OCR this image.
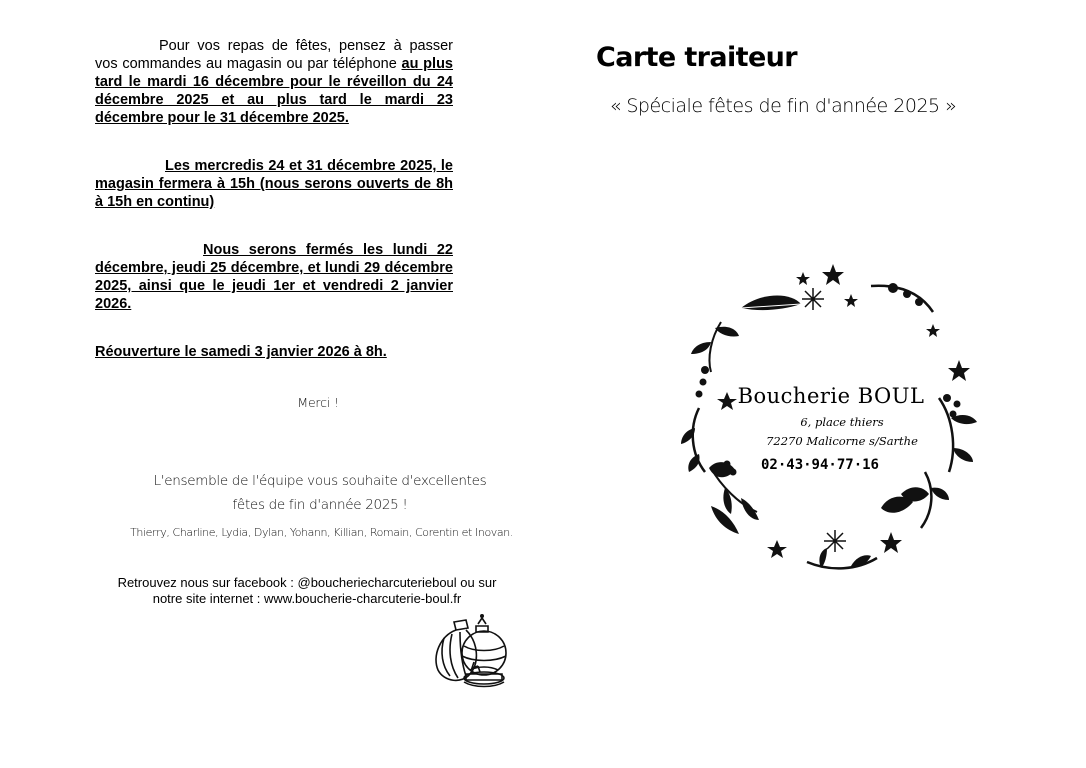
Pour vos repas de fêtes, pensez à passer vos commandes au magasin ou par téléphone au plus tard le mardi 16 décembre pour le réveillon du 24 décembre 2025 et au plus tard le mardi 23 décembre pour le 31 décembre 2025.
Les mercredis 24 et 31 décembre 2025, le magasin fermera à 15h (nous serons ouverts de 8h à 15h en continu)
Nous serons fermés les lundi 22 décembre, jeudi 25 décembre, et lundi 29 décembre 2025, ainsi que le jeudi 1er et vendredi 2 janvier 2026.
Réouverture le samedi 3 janvier 2026 à 8h.
Merci !
L'ensemble de l'équipe vous souhaite d'excellentes
fêtes de fin d'année 2025 !
Thierry, Charline, Lydia, Dylan, Yohann, Killian, Romain, Corentin et Inovan.
Retrouvez nous sur facebook : @boucheriecharcuterieboul ou sur
notre site internet : www.boucherie-charcuterie-boul.fr
Carte traiteur
« Spéciale fêtes de fin d'année 2025 »
Boucherie BOUL
6, place thiers
72270 Malicorne s/Sarthe
02·43·94·77·16
